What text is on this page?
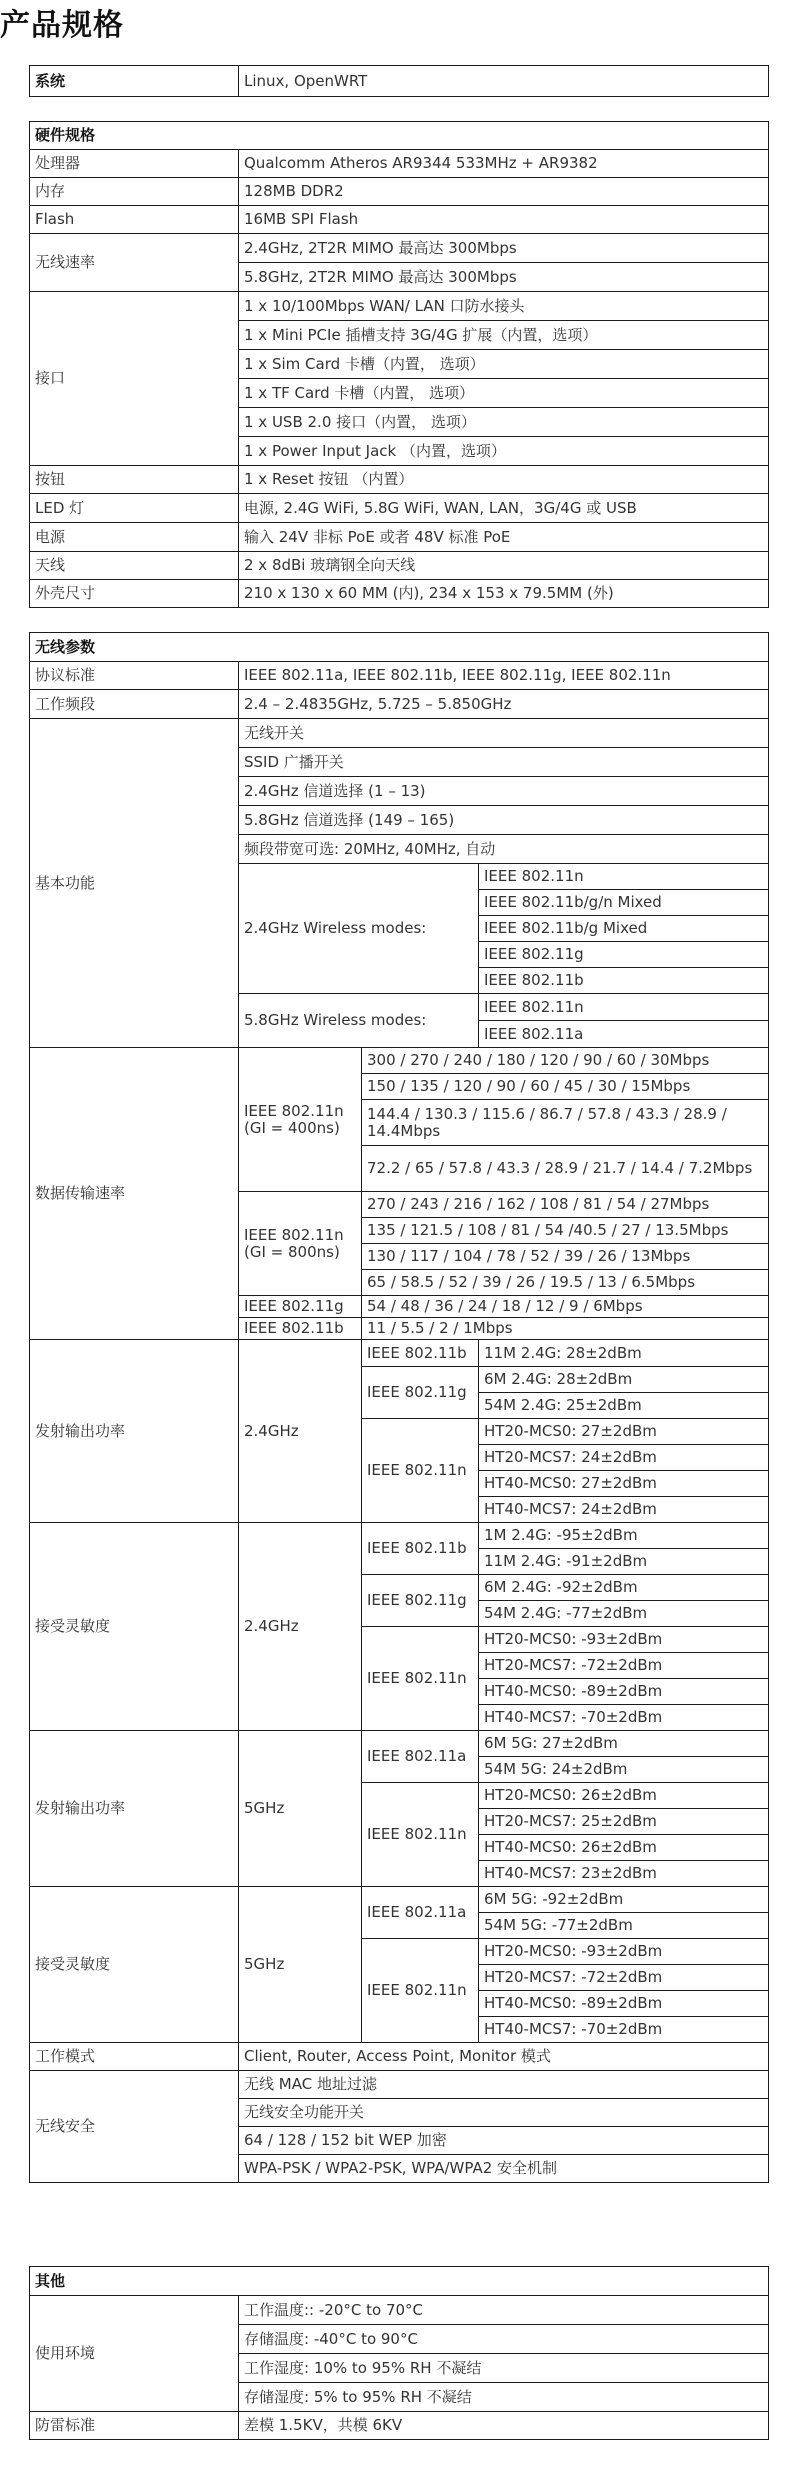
产品规格
系统	Linux, OpenWRT
硬件规格	
处理器	Qualcomm Atheros AR9344 533MHz + AR9382
内存	128MB DDR2
Flash	16MB SPI Flash
无线速率	2.4GHz, 2T2R MIMO 最高达 300Mbps
	5.8GHz, 2T2R MIMO 最高达 300Mbps
接口	1 x 10/100Mbps WAN/ LAN 口防水接头
	1 x Mini PCIe 插槽支持 3G/4G 扩展（内置，选项）
	1 x Sim Card 卡槽（内置， 选项）
	1 x TF Card 卡槽（内置， 选项）
	1 x USB 2.0 接口（内置， 选项）
	1 x Power Input Jack （内置，选项）
按钮	1 x Reset 按钮 （内置）
LED 灯	电源, 2.4G WiFi, 5.8G WiFi, WAN, LAN，3G/4G 或 USB
电源	输入 24V 非标 PoE 或者 48V 标准 PoE
天线	2 x 8dBi 玻璃钢全向天线
外壳尺寸	210 x 130 x 60 MM (内), 234 x 153 x 79.5MM (外)
无线参数			
协议标准	IEEE 802.11a, IEEE 802.11b, IEEE 802.11g, IEEE 802.11n		
工作频段	2.4 – 2.4835GHz, 5.725 – 5.850GHz		
基本功能	无线开关		
	SSID 广播开关		
	2.4GHz 信道选择 (1 – 13)		
	5.8GHz 信道选择 (149 – 165)		
	频段带宽可选: 20MHz, 40MHz, 自动		
	2.4GHz Wireless modes:		IEEE 802.11n
			IEEE 802.11b/g/n Mixed
			IEEE 802.11b/g Mixed
			IEEE 802.11g
			IEEE 802.11b
	5.8GHz Wireless modes:		IEEE 802.11n
			IEEE 802.11a
数据传输速率	IEEE 802.11n (GI = 400ns)	300 / 270 / 240 / 180 / 120 / 90 / 60 / 30Mbps	
		150 / 135 / 120 / 90 / 60 / 45 / 30 / 15Mbps	
		144.4 / 130.3 / 115.6 / 86.7 / 57.8 / 43.3 / 28.9 / 14.4Mbps	
		72.2 / 65 / 57.8 / 43.3 / 28.9 / 21.7 / 14.4 / 7.2Mbps	
	IEEE 802.11n (GI = 800ns)	270 / 243 / 216 / 162 / 108 / 81 / 54 / 27Mbps	
		135 / 121.5 / 108 / 81 / 54 /40.5 / 27 / 13.5Mbps	
		130 / 117 / 104 / 78 / 52 / 39 / 26 / 13Mbps	
		65 / 58.5 / 52 / 39 / 26 / 19.5 / 13 / 6.5Mbps	
	IEEE 802.11g	54 / 48 / 36 / 24 / 18 / 12 / 9 / 6Mbps	
	IEEE 802.11b	11 / 5.5 / 2 / 1Mbps	
发射输出功率	2.4GHz	IEEE 802.11b	11M 2.4G: 28±2dBm
		IEEE 802.11g	6M 2.4G: 28±2dBm
			54M 2.4G: 25±2dBm
		IEEE 802.11n	HT20-MCS0: 27±2dBm
			HT20-MCS7: 24±2dBm
			HT40-MCS0: 27±2dBm
			HT40-MCS7: 24±2dBm
接受灵敏度	2.4GHz	IEEE 802.11b	1M 2.4G: -95±2dBm
			11M 2.4G: -91±2dBm
		IEEE 802.11g	6M 2.4G: -92±2dBm
			54M 2.4G: -77±2dBm
		IEEE 802.11n	HT20-MCS0: -93±2dBm
			HT20-MCS7: -72±2dBm
			HT40-MCS0: -89±2dBm
			HT40-MCS7: -70±2dBm
发射输出功率	5GHz	IEEE 802.11a	6M 5G: 27±2dBm
			54M 5G: 24±2dBm
		IEEE 802.11n	HT20-MCS0: 26±2dBm
			HT20-MCS7: 25±2dBm
			HT40-MCS0: 26±2dBm
			HT40-MCS7: 23±2dBm
接受灵敏度	5GHz	IEEE 802.11a	6M 5G: -92±2dBm
			54M 5G: -77±2dBm
		IEEE 802.11n	HT20-MCS0: -93±2dBm
			HT20-MCS7: -72±2dBm
			HT40-MCS0: -89±2dBm
			HT40-MCS7: -70±2dBm
工作模式	Client, Router, Access Point, Monitor 模式		
无线安全	无线 MAC 地址过滤		
	无线安全功能开关		
	64 / 128 / 152 bit WEP 加密		
	WPA-PSK / WPA2-PSK, WPA/WPA2 安全机制		
其他	
使用环境	工作温度:: -20°C to 70°C
	存储温度: -40°C to 90°C
	工作湿度: 10% to 95% RH 不凝结
	存储湿度: 5% to 95% RH 不凝结
防雷标准	差模 1.5KV，共模 6KV
